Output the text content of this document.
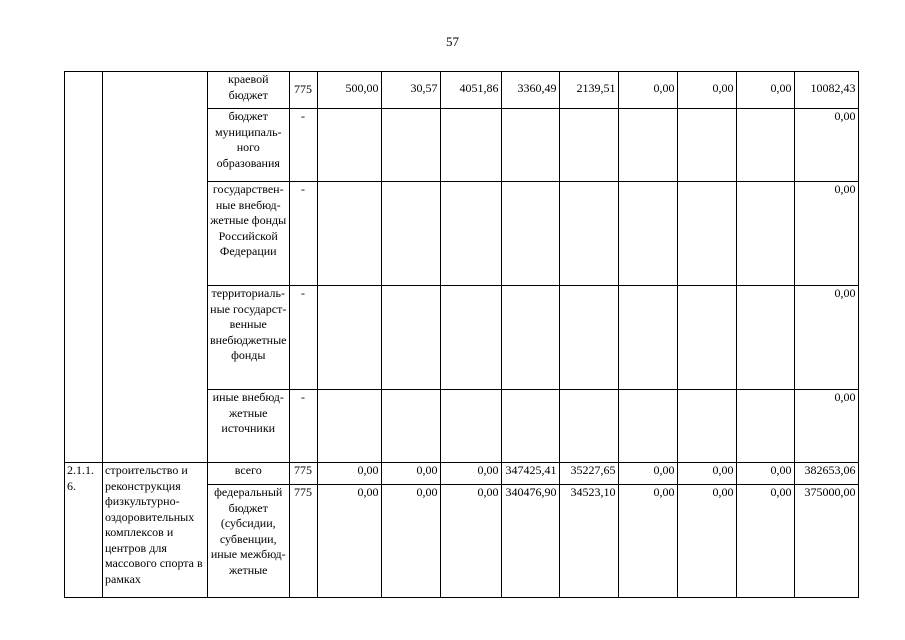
57
		краевой бюджет	775	500,00	30,57	4051,86	3360,49	2139,51	0,00	0,00	0,00	10082,43
		бюджет муниципаль-ного образования	-									0,00
		государствен-ные внебюд-жетные фонды Российской Федерации	-									0,00
		территориаль-ные государст-венные внебюджетные фонды	-									0,00
		иные внебюд-жетные источники	-									0,00
2.1.1.6.	строительство и реконструкция физкультурно-оздоровительных комплексов и центров для массового спорта в рамках	всего	775	0,00	0,00	0,00	347425,41	35227,65	0,00	0,00	0,00	382653,06
		федеральный бюджет (субсидии, субвенции, иные межбюд-жетные	775	0,00	0,00	0,00	340476,90	34523,10	0,00	0,00	0,00	375000,00
